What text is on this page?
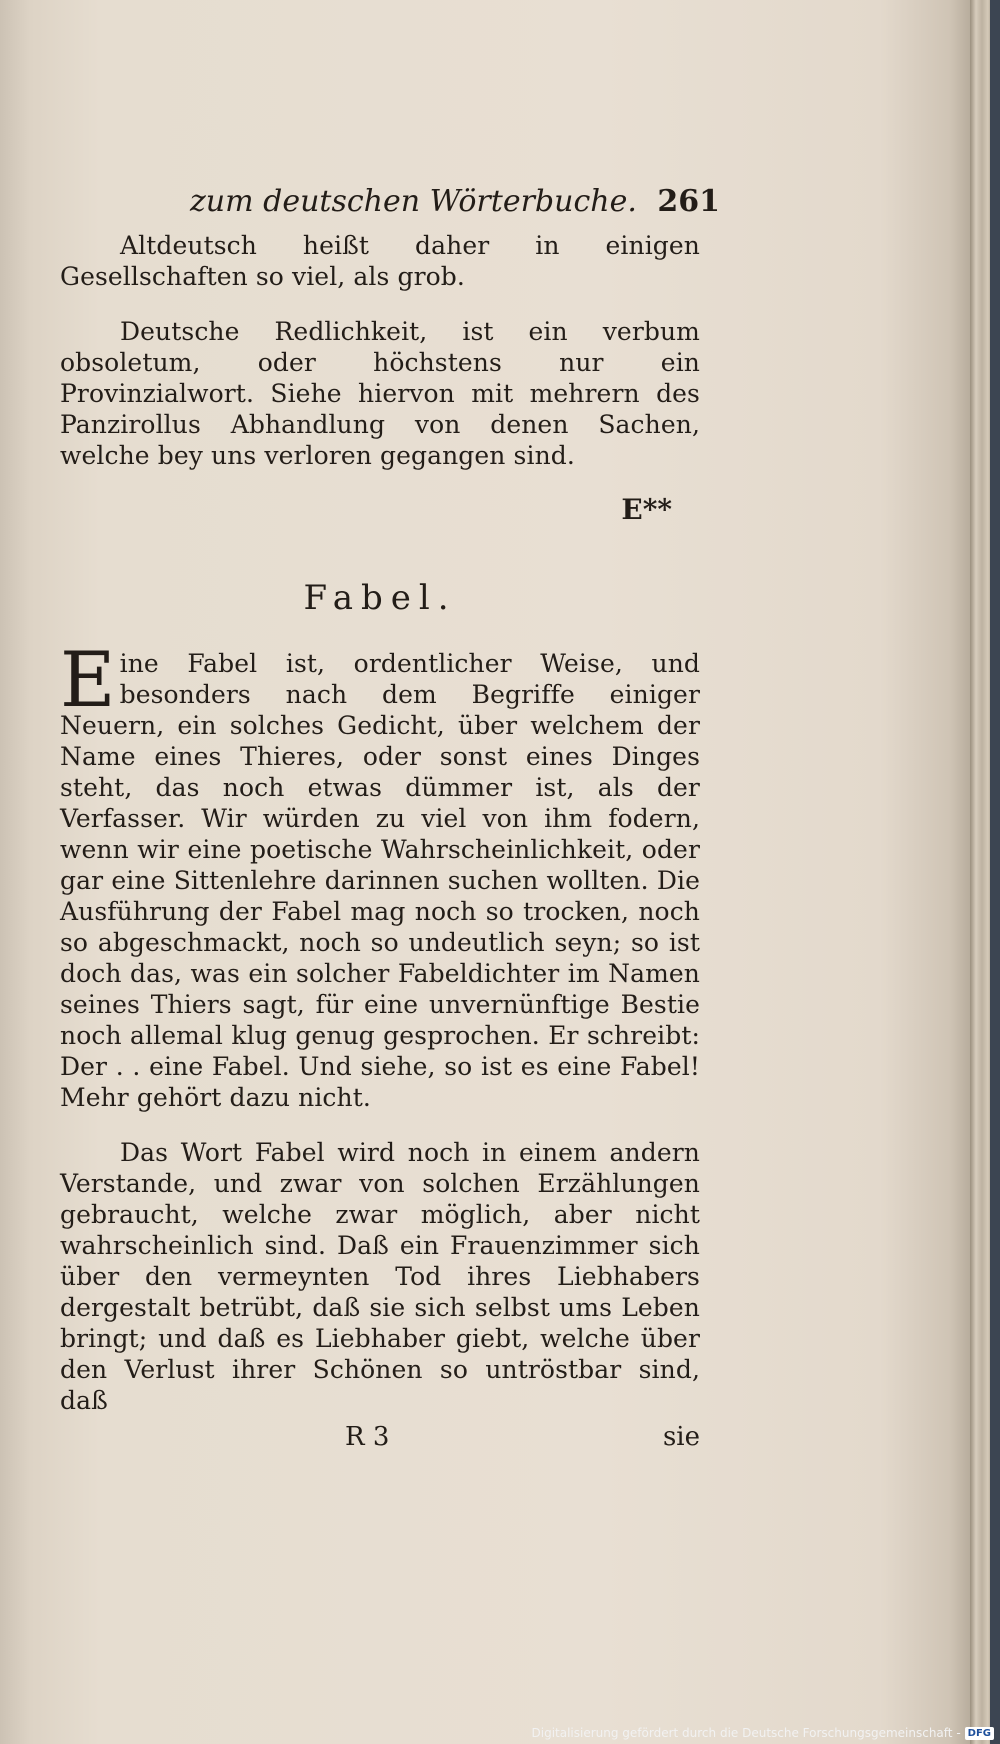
zum deutschen Wörterbuche. 261

Altdeutsch heißt daher in einigen Gesellschaften so viel, als grob.

Deutsche Redlichkeit, ist ein verbum obsoletum, oder höchstens nur ein Provinzialwort. Siehe hiervon mit mehrern des Panzirollus Abhandlung von denen Sachen, welche bey uns verloren gegangen sind.

E**
Fabel.

Eine Fabel ist, ordentlicher Weise, und besonders nach dem Begriffe einiger Neuern, ein solches Gedicht, über welchem der Name eines Thieres, oder sonst eines Dinges steht, das noch etwas dümmer ist, als der Verfasser. Wir würden zu viel von ihm fodern, wenn wir eine poetische Wahrscheinlichkeit, oder gar eine Sittenlehre darinnen suchen wollten. Die Ausführung der Fabel mag noch so trocken, noch so abgeschmackt, noch so undeutlich seyn; so ist doch das, was ein solcher Fabeldichter im Namen seines Thiers sagt, für eine unvernünftige Bestie noch allemal klug genug gesprochen. Er schreibt: Der . . eine Fabel. Und siehe, so ist es eine Fabel! Mehr gehört dazu nicht.

Das Wort Fabel wird noch in einem andern Verstande, und zwar von solchen Erzählungen gebraucht, welche zwar möglich, aber nicht wahrscheinlich sind. Daß ein Frauenzimmer sich über den vermeynten Tod ihres Liebhabers dergestalt betrübt, daß sie sich selbst ums Leben bringt; und daß es Liebhaber giebt, welche über den Verlust ihrer Schönen so untröstbar sind, daß

R 3	sie
Digitalisierung gefördert durch die Deutsche Forschungsgemeinschaft - DFG
